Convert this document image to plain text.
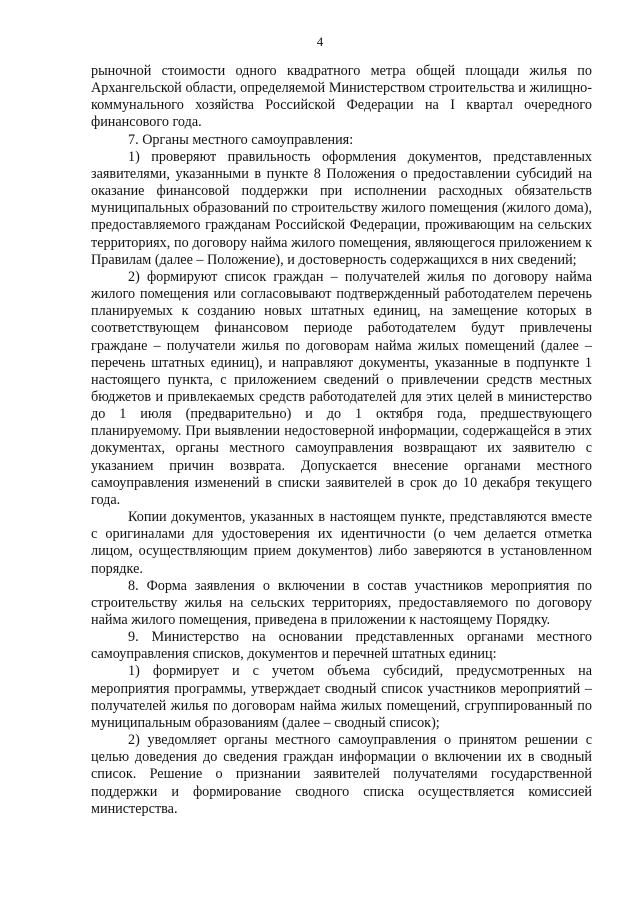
4

рыночной стоимости одного квадратного метра общей площади жилья по Архангельской области, определяемой Министерством строительства и жилищно-коммунального хозяйства Российской Федерации на I квартал очередного финансового года.

7. Органы местного самоуправления:

1) проверяют правильность оформления документов, представленных заявителями, указанными в пункте 8 Положения о предоставлении субсидий на оказание финансовой поддержки при исполнении расходных обязательств муниципальных образований по строительству жилого помещения (жилого дома), предоставляемого гражданам Российской Федерации, проживающим на сельских территориях, по договору найма жилого помещения, являющегося приложением к Правилам (далее – Положение), и достоверность содержащихся в них сведений;

2) формируют список граждан – получателей жилья по договору найма жилого помещения или согласовывают подтвержденный работодателем перечень планируемых к созданию новых штатных единиц, на замещение которых в соответствующем финансовом периоде работодателем будут привлечены граждане – получатели жилья по договорам найма жилых помещений (далее – перечень штатных единиц), и направляют документы, указанные в подпункте 1 настоящего пункта, с приложением сведений о привлечении средств местных бюджетов и привлекаемых средств работодателей для этих целей в министерство до 1 июля (предварительно) и до 1 октября года, предшествующего планируемому. При выявлении недостоверной информации, содержащейся в этих документах, органы местного самоуправления возвращают их заявителю с указанием причин возврата. Допускается внесение органами местного самоуправления изменений в списки заявителей в срок до 10 декабря текущего года.

Копии документов, указанных в настоящем пункте, представляются вместе с оригиналами для удостоверения их идентичности (о чем делается отметка лицом, осуществляющим прием документов) либо заверяются в установленном порядке.

8. Форма заявления о включении в состав участников мероприятия по строительству жилья на сельских территориях, предоставляемого по договору найма жилого помещения, приведена в приложении к настоящему Порядку.

9. Министерство на основании представленных органами местного самоуправления списков, документов и перечней штатных единиц:

1) формирует и с учетом объема субсидий, предусмотренных на мероприятия программы, утверждает сводный список участников мероприятий – получателей жилья по договорам найма жилых помещений, сгруппированный по муниципальным образованиям (далее – сводный список);

2) уведомляет органы местного самоуправления о принятом решении с целью доведения до сведения граждан информации о включении их в сводный список. Решение о признании заявителей получателями государственной поддержки и формирование сводного списка осуществляется комиссией министерства.
